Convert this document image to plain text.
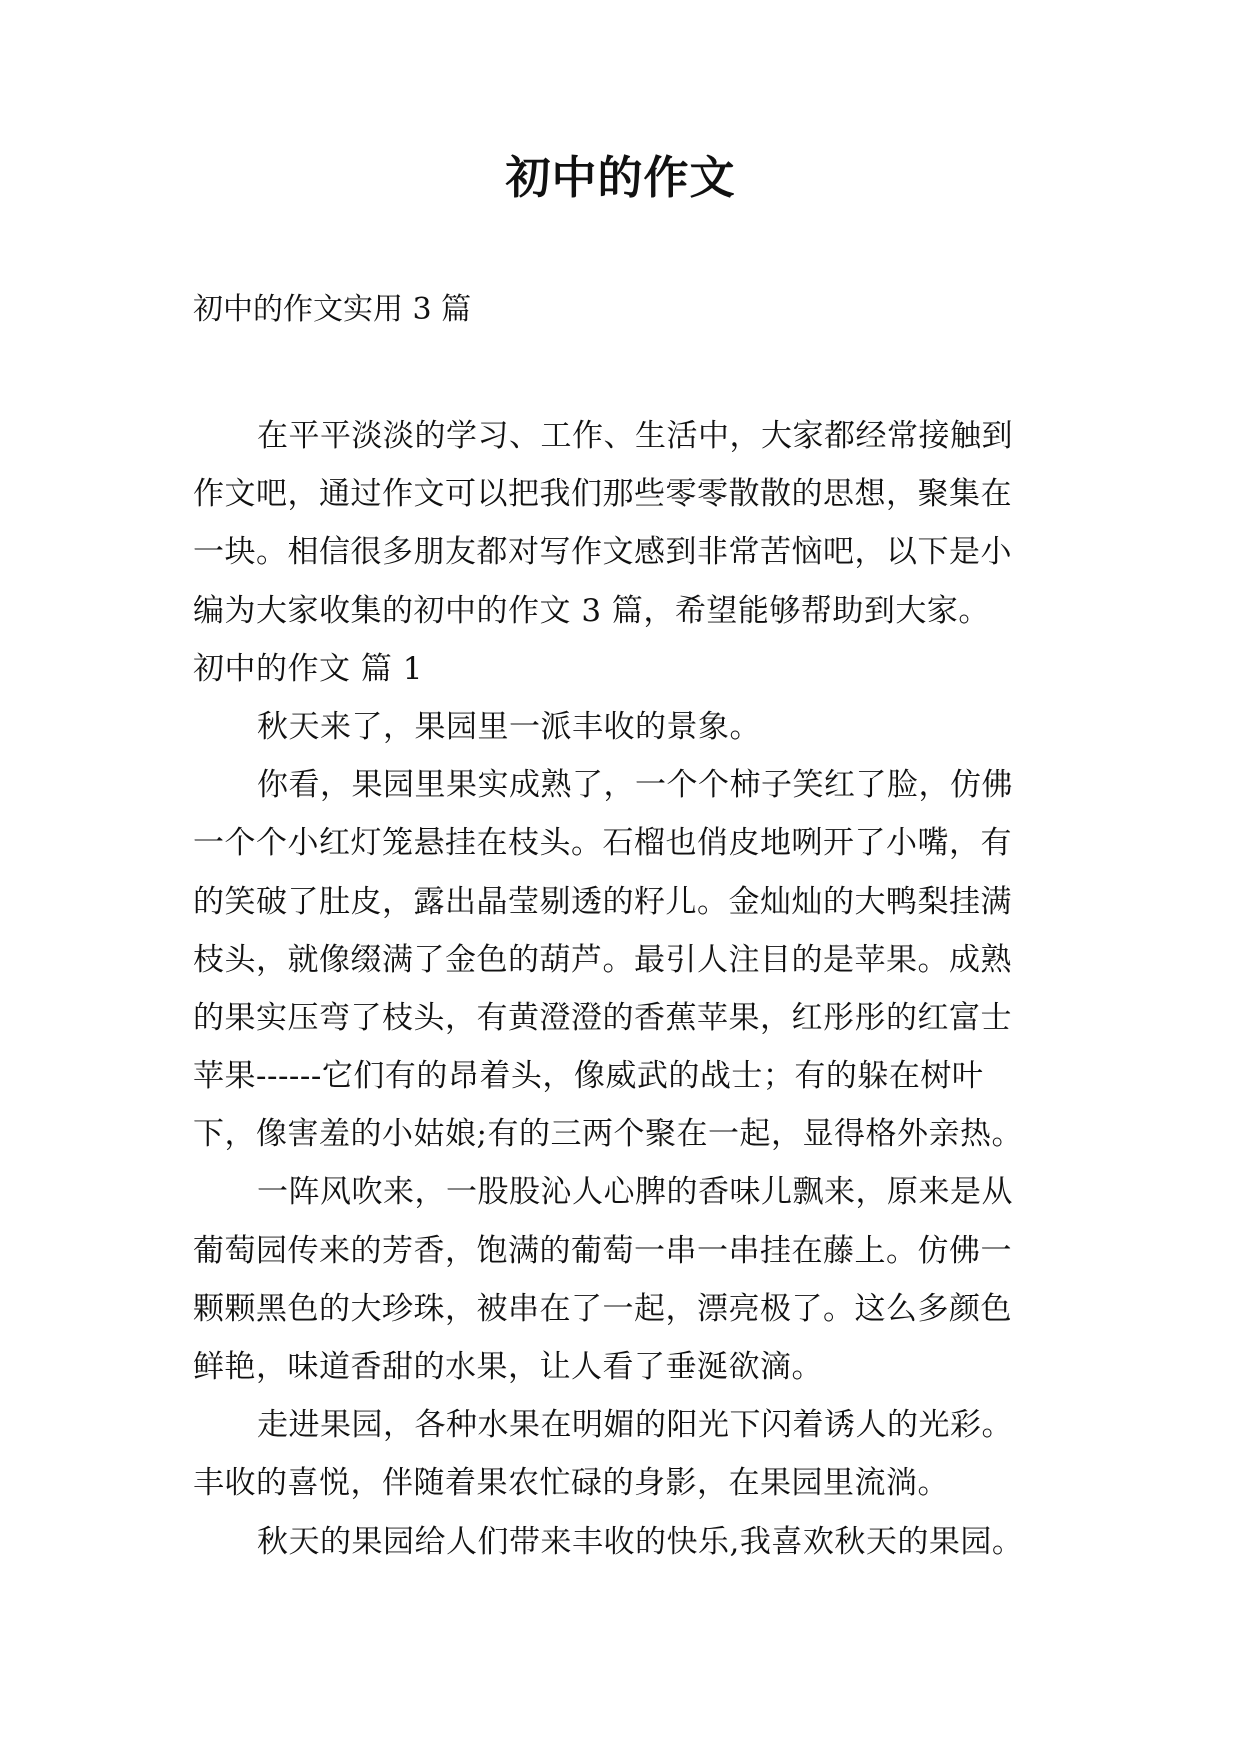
初中的作文
初中的作文实用 3 篇
在平平淡淡的学习、工作、生活中，大家都经常接触到
作文吧，通过作文可以把我们那些零零散散的思想，聚集在
一块。相信很多朋友都对写作文感到非常苦恼吧，以下是小
编为大家收集的初中的作文 3 篇，希望能够帮助到大家。
初中的作文 篇 1
秋天来了，果园里一派丰收的景象。
你看，果园里果实成熟了，一个个柿子笑红了脸，仿佛
一个个小红灯笼悬挂在枝头。石榴也俏皮地咧开了小嘴，有
的笑破了肚皮，露出晶莹剔透的籽儿。金灿灿的大鸭梨挂满
枝头，就像缀满了金色的葫芦。最引人注目的是苹果。成熟
的果实压弯了枝头，有黄澄澄的香蕉苹果，红彤彤的红富士
苹果------它们有的昂着头，像威武的战士；有的躲在树叶
下，像害羞的小姑娘;有的三两个聚在一起，显得格外亲热。
一阵风吹来，一股股沁人心脾的香味儿飘来，原来是从
葡萄园传来的芳香，饱满的葡萄一串一串挂在藤上。仿佛一
颗颗黑色的大珍珠，被串在了一起，漂亮极了。这么多颜色
鲜艳，味道香甜的水果，让人看了垂涎欲滴。
走进果园，各种水果在明媚的阳光下闪着诱人的光彩。
丰收的喜悦，伴随着果农忙碌的身影，在果园里流淌。
秋天的果园给人们带来丰收的快乐,我喜欢秋天的果园。
